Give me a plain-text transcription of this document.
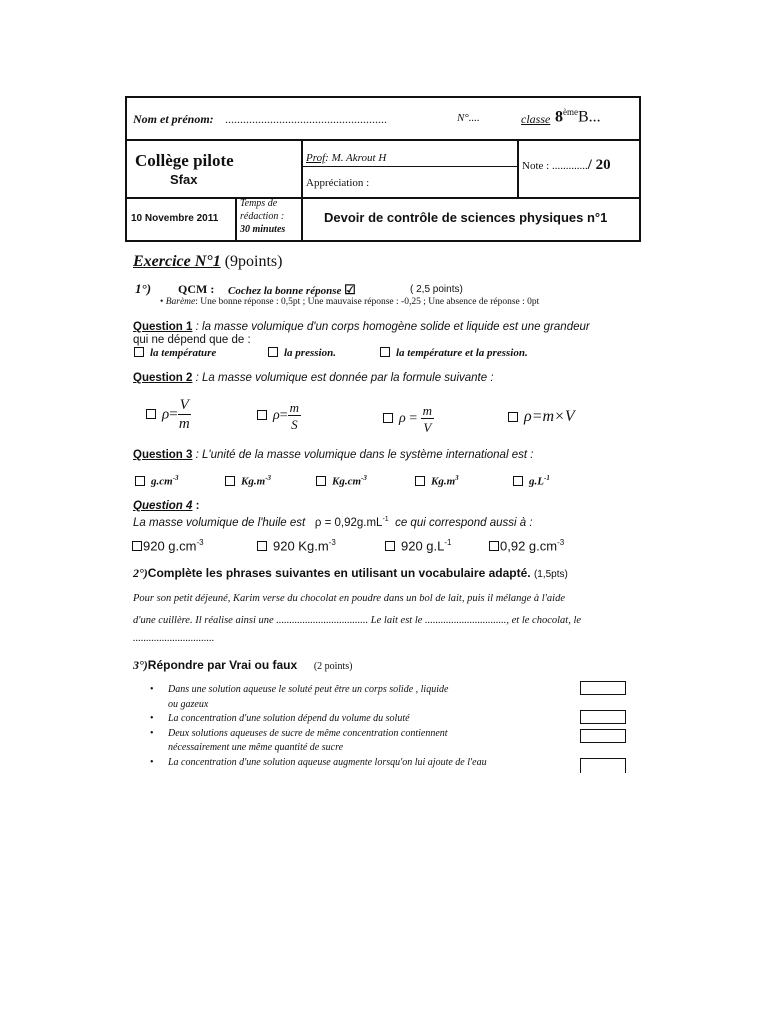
Nom et prénom: ......................................................	N°....	classe 8èmeB...
Collège pilote
Sfax
Prof: M. Akrout H
Appréciation :
Note : ............./ 20
10 Novembre 2011
Temps de
rédaction :
30 minutes
Devoir de contrôle de sciences physiques n°1
Exercice N°1 (9points)
1°) QCM : Cochez la bonne réponse ☑	( 2,5 points)
• Barème: Une bonne réponse : 0,5pt ; Une mauvaise réponse : -0,25 ; Une absence de réponse : 0pt
Question 1 : la masse volumique d'un corps homogène solide et liquide est une grandeur
qui ne dépend que de :
la température	la pression.	la température et la pression.
Question 2 : La masse volumique est donnée par la formule suivante :
$\rho= \frac{V}{m}$	$\rho= \frac{m}{S}$	$\rho = \frac{m}{V}$	ρ=m×V
Question 3 : L'unité de la masse volumique dans le système international est :
$g.cm^{-3}$	$Kg.m^{-3}$	$Kg.cm^{-3}$	$Kg.m^3$	$g.L^{-1}$
Question 4 :
La masse volumique de l'huile est $\rho = 0,92g.mL^{-1}$ ce qui correspond aussi à :
920 $g.cm^{-3}$	920 $Kg.m^{-3}$	920 $g.L^{-1}$	0,92 $g.cm^{-3}$
2°)Complète les phrases suivantes en utilisant un vocabulaire adapté. (1,5pts)
Pour son petit déjeuné, Karim verse du chocolat en poudre dans un bol de lait, puis il mélange à l'aide
d'une cuillère. Il réalise ainsi une ................................... Le lait est le ..............................., et le chocolat, le
...............................
3°)Répondre par Vrai ou faux (2 points)
• Dans une solution aqueuse le soluté peut être un corps solide , liquide
ou gazeux
• La concentration d'une solution dépend du volume du soluté
• Deux solutions aqueuses de sucre de même concentration contiennent
nécessairement une même quantité de sucre
• La concentration d'une solution aqueuse augmente lorsqu'on lui ajoute de l'eau
